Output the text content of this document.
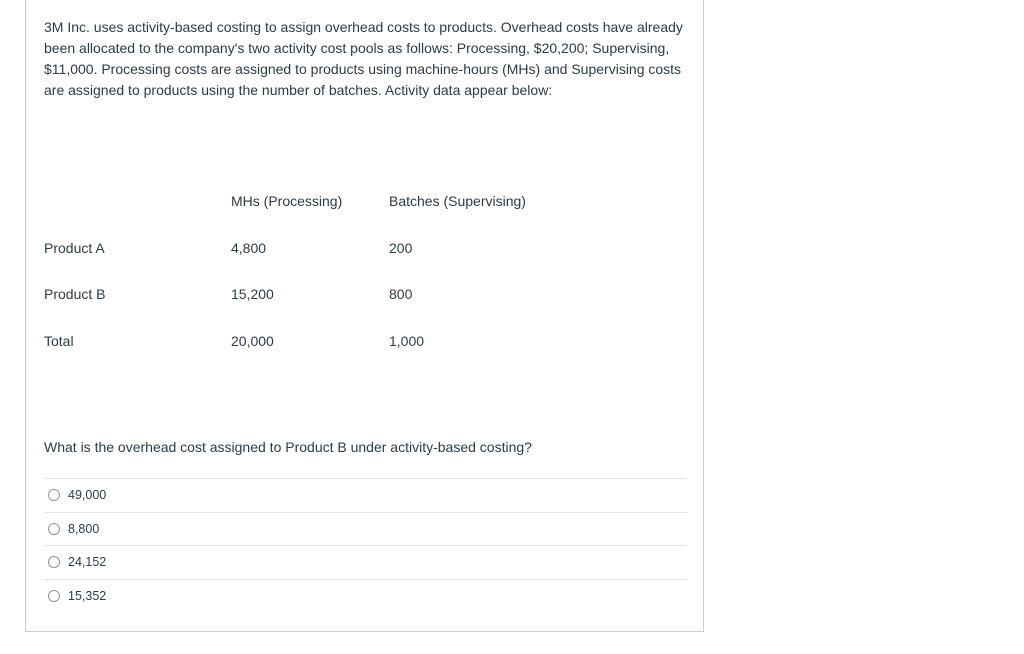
3M Inc. uses activity-based costing to assign overhead costs to products. Overhead costs have already been allocated to the company's two activity cost pools as follows: Processing, $20,200; Supervising, $11,000. Processing costs are assigned to products using machine-hours (MHs) and Supervising costs are assigned to products using the number of batches. Activity data appear below:

	MHs (Processing)	Batches (Supervising)
Product A	4,800	200
Product B	15,200	800
Total	20,000	1,000

What is the overhead cost assigned to Product B under activity-based costing?

49,000
8,800
24,152
15,352
